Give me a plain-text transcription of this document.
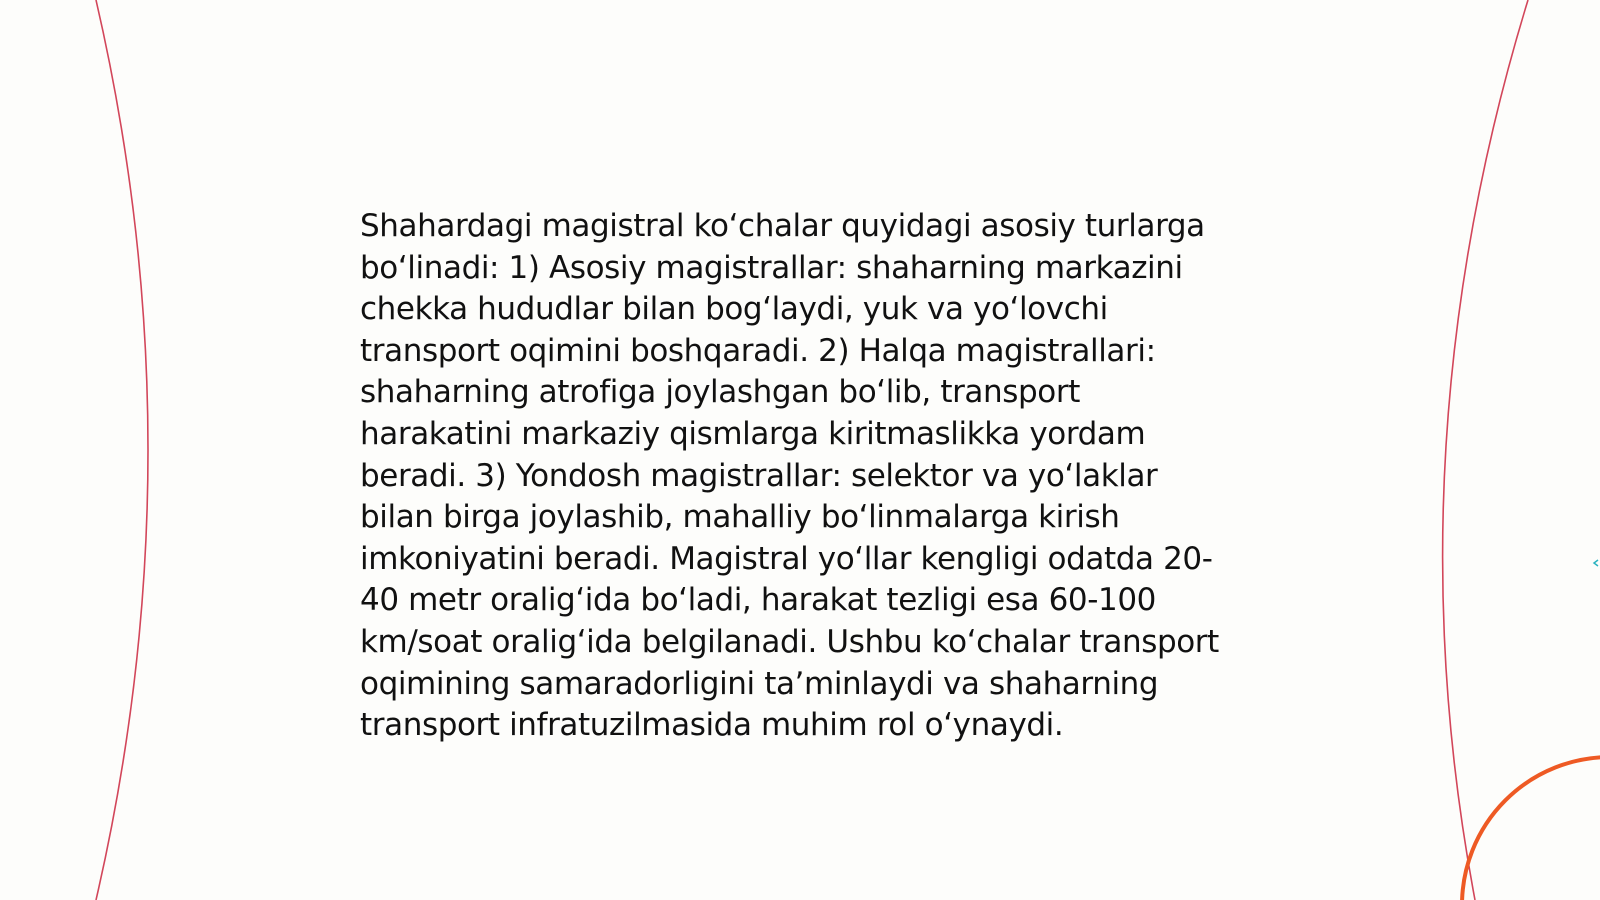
Shahardagi magistral ko‘chalar quyidagi asosiy turlarga bo‘linadi: 1) Asosiy magistrallar: shaharning markazini chekka hududlar bilan bog‘laydi, yuk va yo‘lovchi transport oqimini boshqaradi. 2) Halqa magistrallari: shaharning atrofiga joylashgan bo‘lib, transport harakatini markaziy qismlarga kiritmaslikka yordam beradi. 3) Yondosh magistrallar: selektor va yo‘laklar bilan birga joylashib, mahalliy bo‘linmalarga kirish imkoniyatini beradi. Magistral yo‘llar kengligi odatda 20-40 metr oralig‘ida bo‘ladi, harakat tezligi esa 60-100 km/soat oralig‘ida belgilanadi. Ushbu ko‘chalar transport oqimining samaradorligini ta’minlaydi va shaharning transport infratuzilmasida muhim rol o‘ynaydi.
